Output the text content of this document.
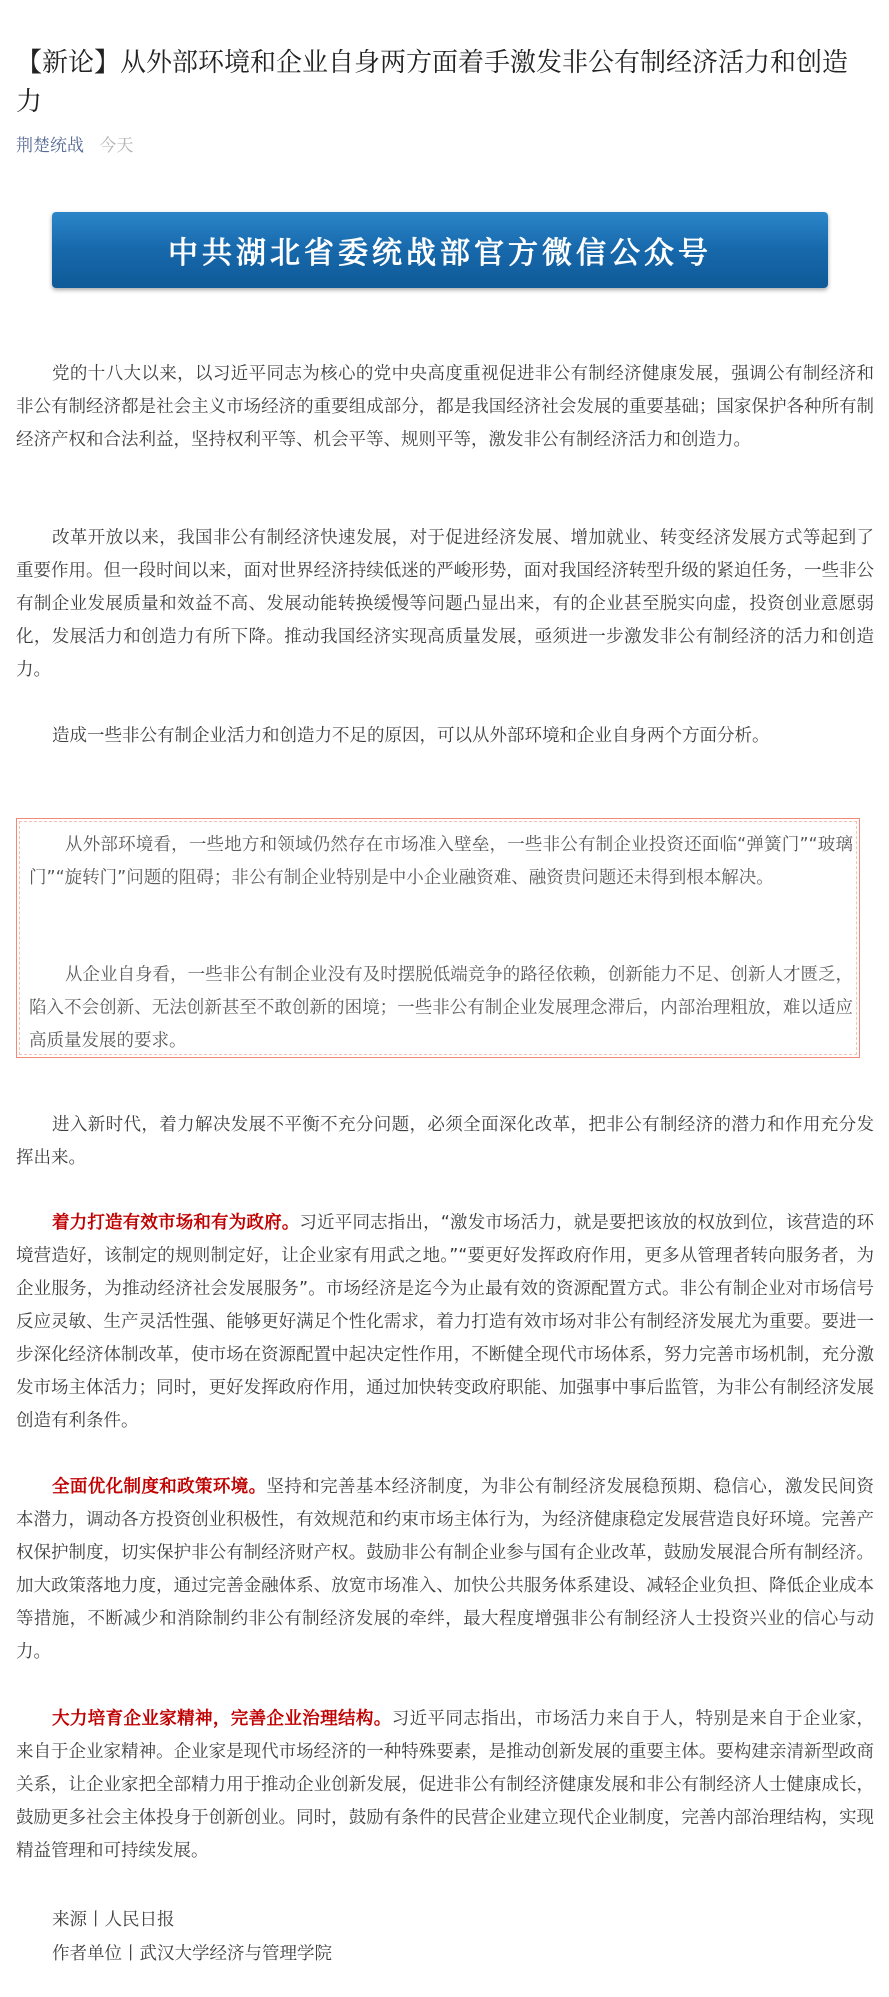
【新论】从外部环境和企业自身两方面着手激发非公有制经济活力和创造力
荆楚统战 今天
中共湖北省委统战部官方微信公众号

党的十八大以来，以习近平同志为核心的党中央高度重视促进非公有制经济健康发展，强调公有制经济和非公有制经济都是社会主义市场经济的重要组成部分，都是我国经济社会发展的重要基础；国家保护各种所有制经济产权和合法利益，坚持权利平等、机会平等、规则平等，激发非公有制经济活力和创造力。

改革开放以来，我国非公有制经济快速发展，对于促进经济发展、增加就业、转变经济发展方式等起到了重要作用。但一段时间以来，面对世界经济持续低迷的严峻形势，面对我国经济转型升级的紧迫任务，一些非公有制企业发展质量和效益不高、发展动能转换缓慢等问题凸显出来，有的企业甚至脱实向虚，投资创业意愿弱化，发展活力和创造力有所下降。推动我国经济实现高质量发展，亟须进一步激发非公有制经济的活力和创造力。

造成一些非公有制企业活力和创造力不足的原因，可以从外部环境和企业自身两个方面分析。

从外部环境看，一些地方和领域仍然存在市场准入壁垒，一些非公有制企业投资还面临“弹簧门”“玻璃门”“旋转门”问题的阻碍；非公有制企业特别是中小企业融资难、融资贵问题还未得到根本解决。

从企业自身看，一些非公有制企业没有及时摆脱低端竞争的路径依赖，创新能力不足、创新人才匮乏，陷入不会创新、无法创新甚至不敢创新的困境；一些非公有制企业发展理念滞后，内部治理粗放，难以适应高质量发展的要求。

进入新时代，着力解决发展不平衡不充分问题，必须全面深化改革，把非公有制经济的潜力和作用充分发挥出来。

着力打造有效市场和有为政府。习近平同志指出，“激发市场活力，就是要把该放的权放到位，该营造的环境营造好，该制定的规则制定好，让企业家有用武之地。”“要更好发挥政府作用，更多从管理者转向服务者，为企业服务，为推动经济社会发展服务”。市场经济是迄今为止最有效的资源配置方式。非公有制企业对市场信号反应灵敏、生产灵活性强、能够更好满足个性化需求，着力打造有效市场对非公有制经济发展尤为重要。要进一步深化经济体制改革，使市场在资源配置中起决定性作用，不断健全现代市场体系，努力完善市场机制，充分激发市场主体活力；同时，更好发挥政府作用，通过加快转变政府职能、加强事中事后监管，为非公有制经济发展创造有利条件。

全面优化制度和政策环境。坚持和完善基本经济制度，为非公有制经济发展稳预期、稳信心，激发民间资本潜力，调动各方投资创业积极性，有效规范和约束市场主体行为，为经济健康稳定发展营造良好环境。完善产权保护制度，切实保护非公有制经济财产权。鼓励非公有制企业参与国有企业改革，鼓励发展混合所有制经济。加大政策落地力度，通过完善金融体系、放宽市场准入、加快公共服务体系建设、减轻企业负担、降低企业成本等措施，不断减少和消除制约非公有制经济发展的牵绊，最大程度增强非公有制经济人士投资兴业的信心与动力。

大力培育企业家精神，完善企业治理结构。习近平同志指出，市场活力来自于人，特别是来自于企业家，来自于企业家精神。企业家是现代市场经济的一种特殊要素，是推动创新发展的重要主体。要构建亲清新型政商关系，让企业家把全部精力用于推动企业创新发展，促进非公有制经济健康发展和非公有制经济人士健康成长，鼓励更多社会主体投身于创新创业。同时，鼓励有条件的民营企业建立现代企业制度，完善内部治理结构，实现精益管理和可持续发展。

来源丨人民日报
作者单位丨武汉大学经济与管理学院
